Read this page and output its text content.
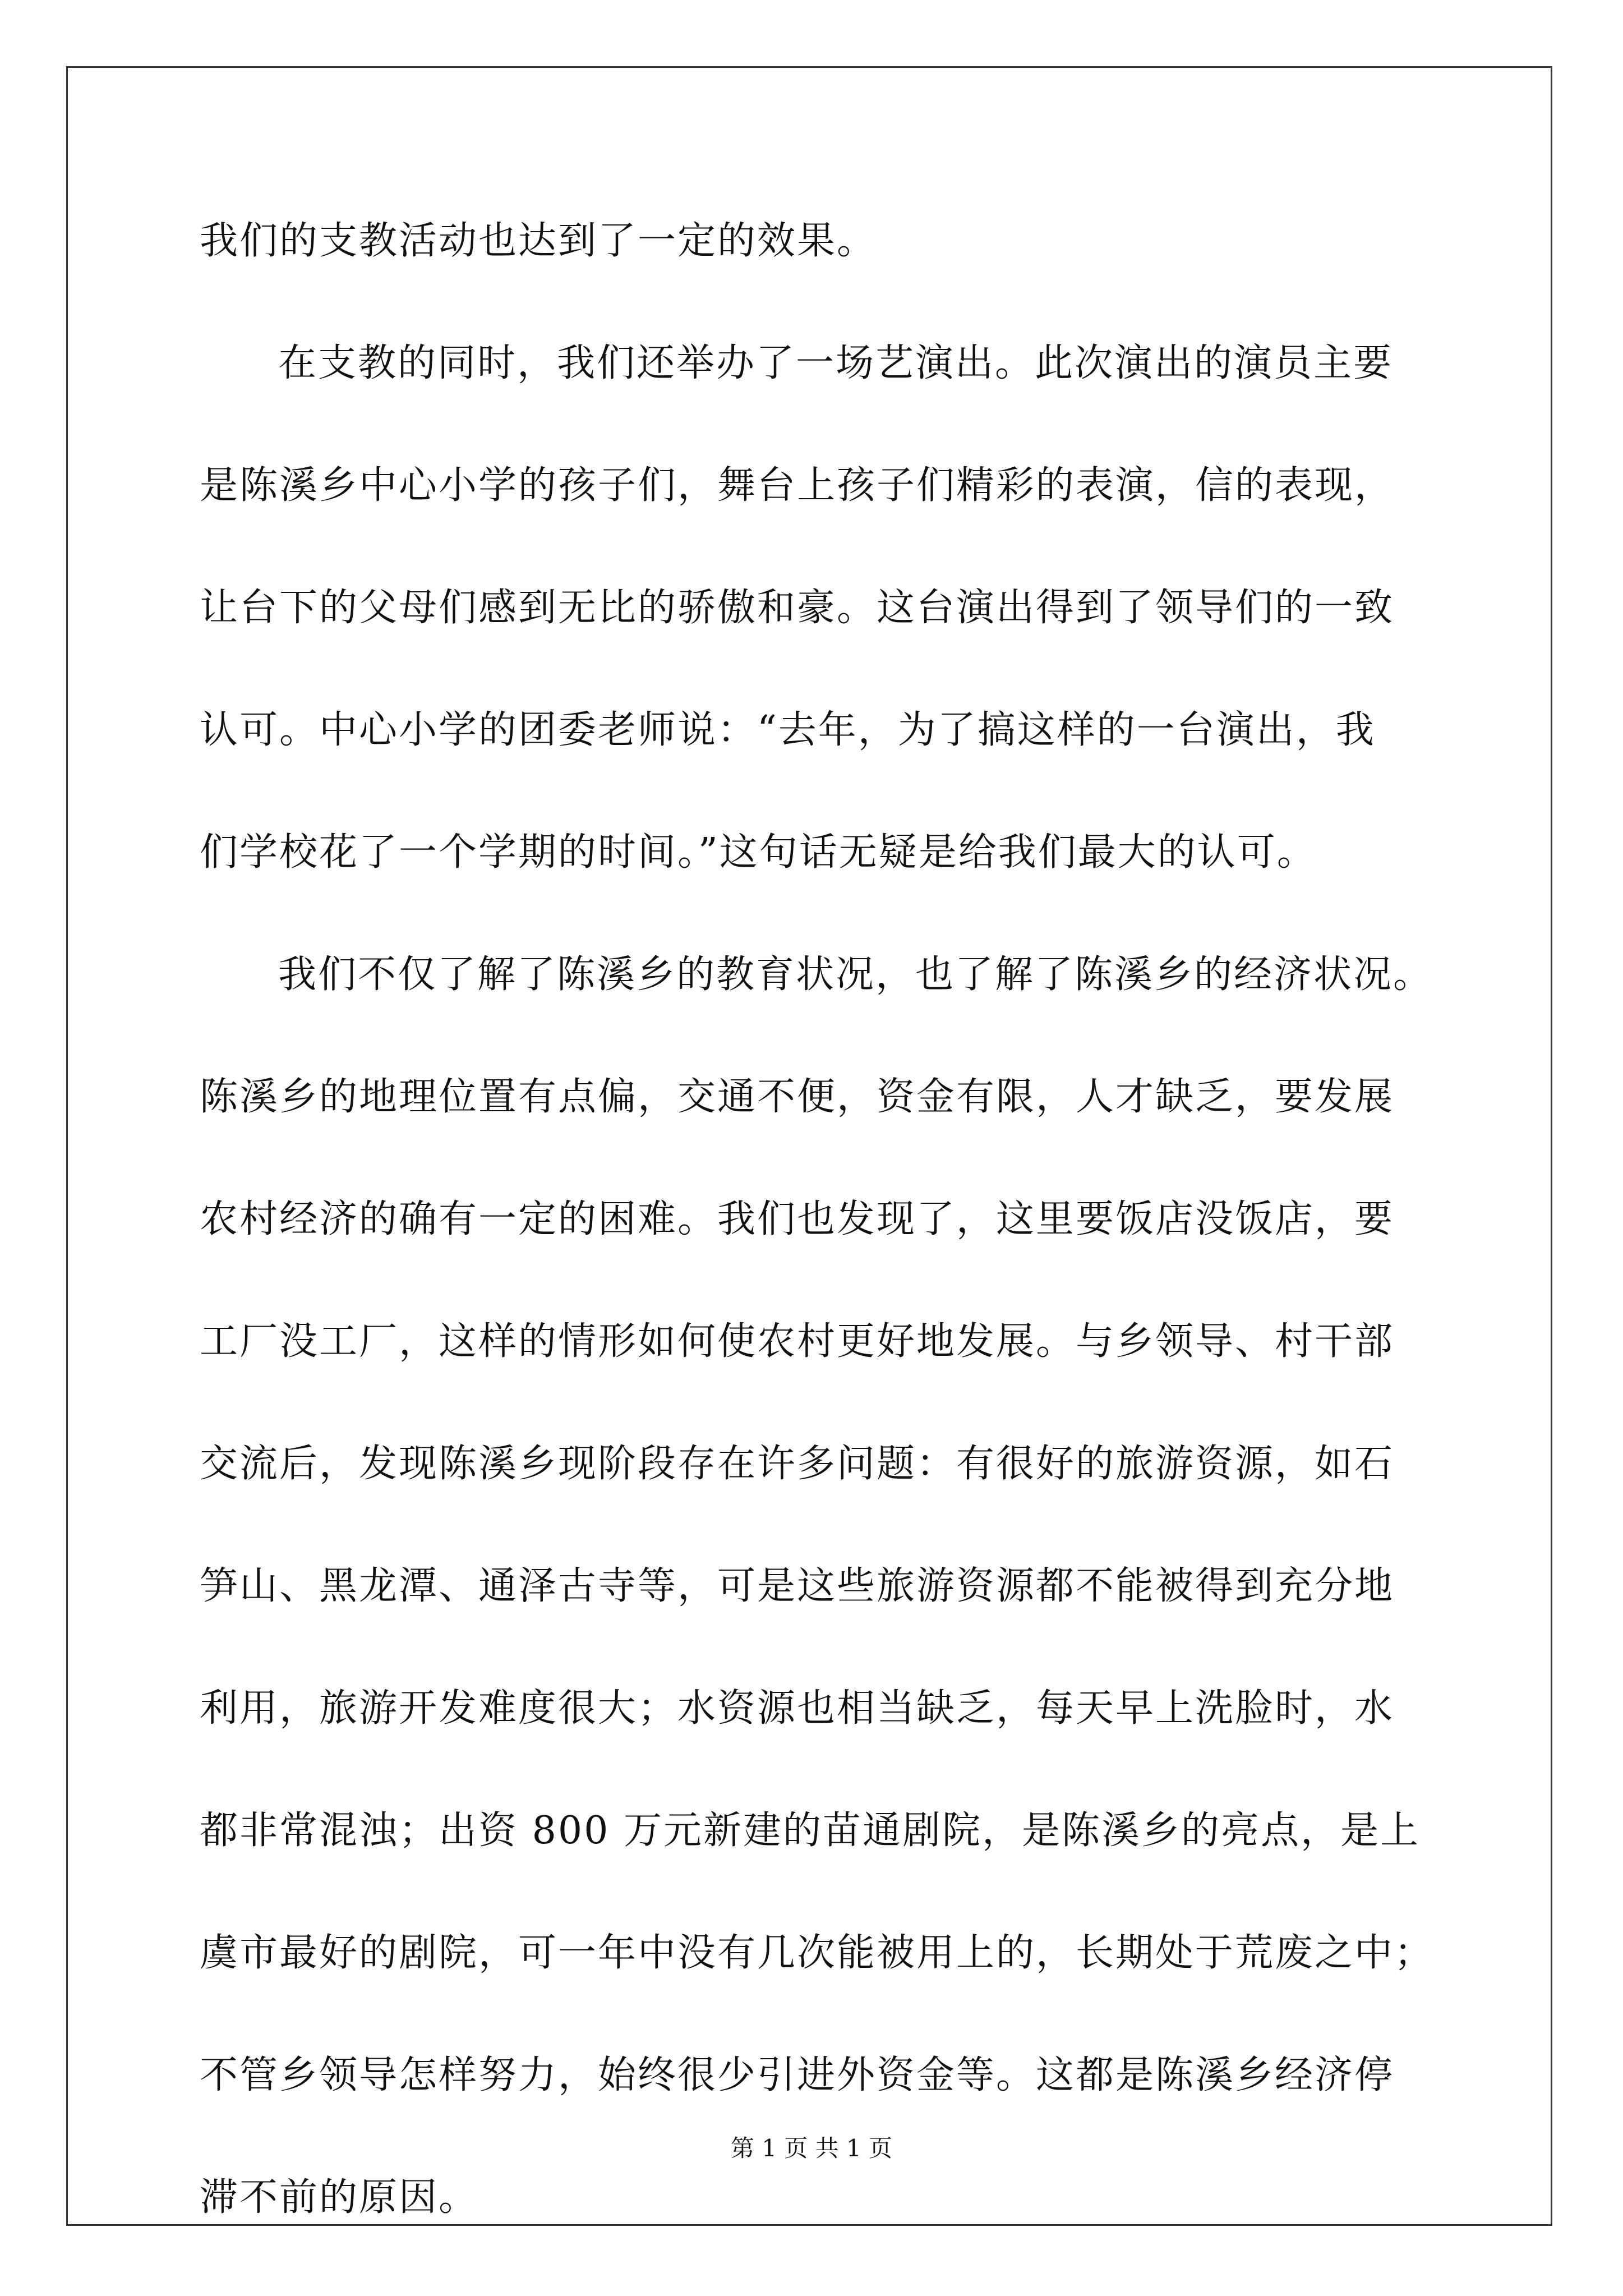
我们的支教活动也达到了一定的效果。
在支教的同时，我们还举办了一场艺演出。此次演出的演员主要
是陈溪乡中心小学的孩子们，舞台上孩子们精彩的表演，信的表现，
让台下的父母们感到无比的骄傲和豪。这台演出得到了领导们的一致
认可。中心小学的团委老师说：“去年，为了搞这样的一台演出，我
们学校花了一个学期的时间。”这句话无疑是给我们最大的认可。
我们不仅了解了陈溪乡的教育状况，也了解了陈溪乡的经济状况。
陈溪乡的地理位置有点偏，交通不便，资金有限，人才缺乏，要发展
农村经济的确有一定的困难。我们也发现了，这里要饭店没饭店，要
工厂没工厂，这样的情形如何使农村更好地发展。与乡领导、村干部
交流后，发现陈溪乡现阶段存在许多问题：有很好的旅游资源，如石
笋山、黑龙潭、通泽古寺等，可是这些旅游资源都不能被得到充分地
利用，旅游开发难度很大；水资源也相当缺乏，每天早上洗脸时，水
都非常混浊；出资 800 万元新建的苗通剧院，是陈溪乡的亮点，是上
虞市最好的剧院，可一年中没有几次能被用上的，长期处于荒废之中；
不管乡领导怎样努力，始终很少引进外资金等。这都是陈溪乡经济停
滞不前的原因。
第 1 页 共 1 页
